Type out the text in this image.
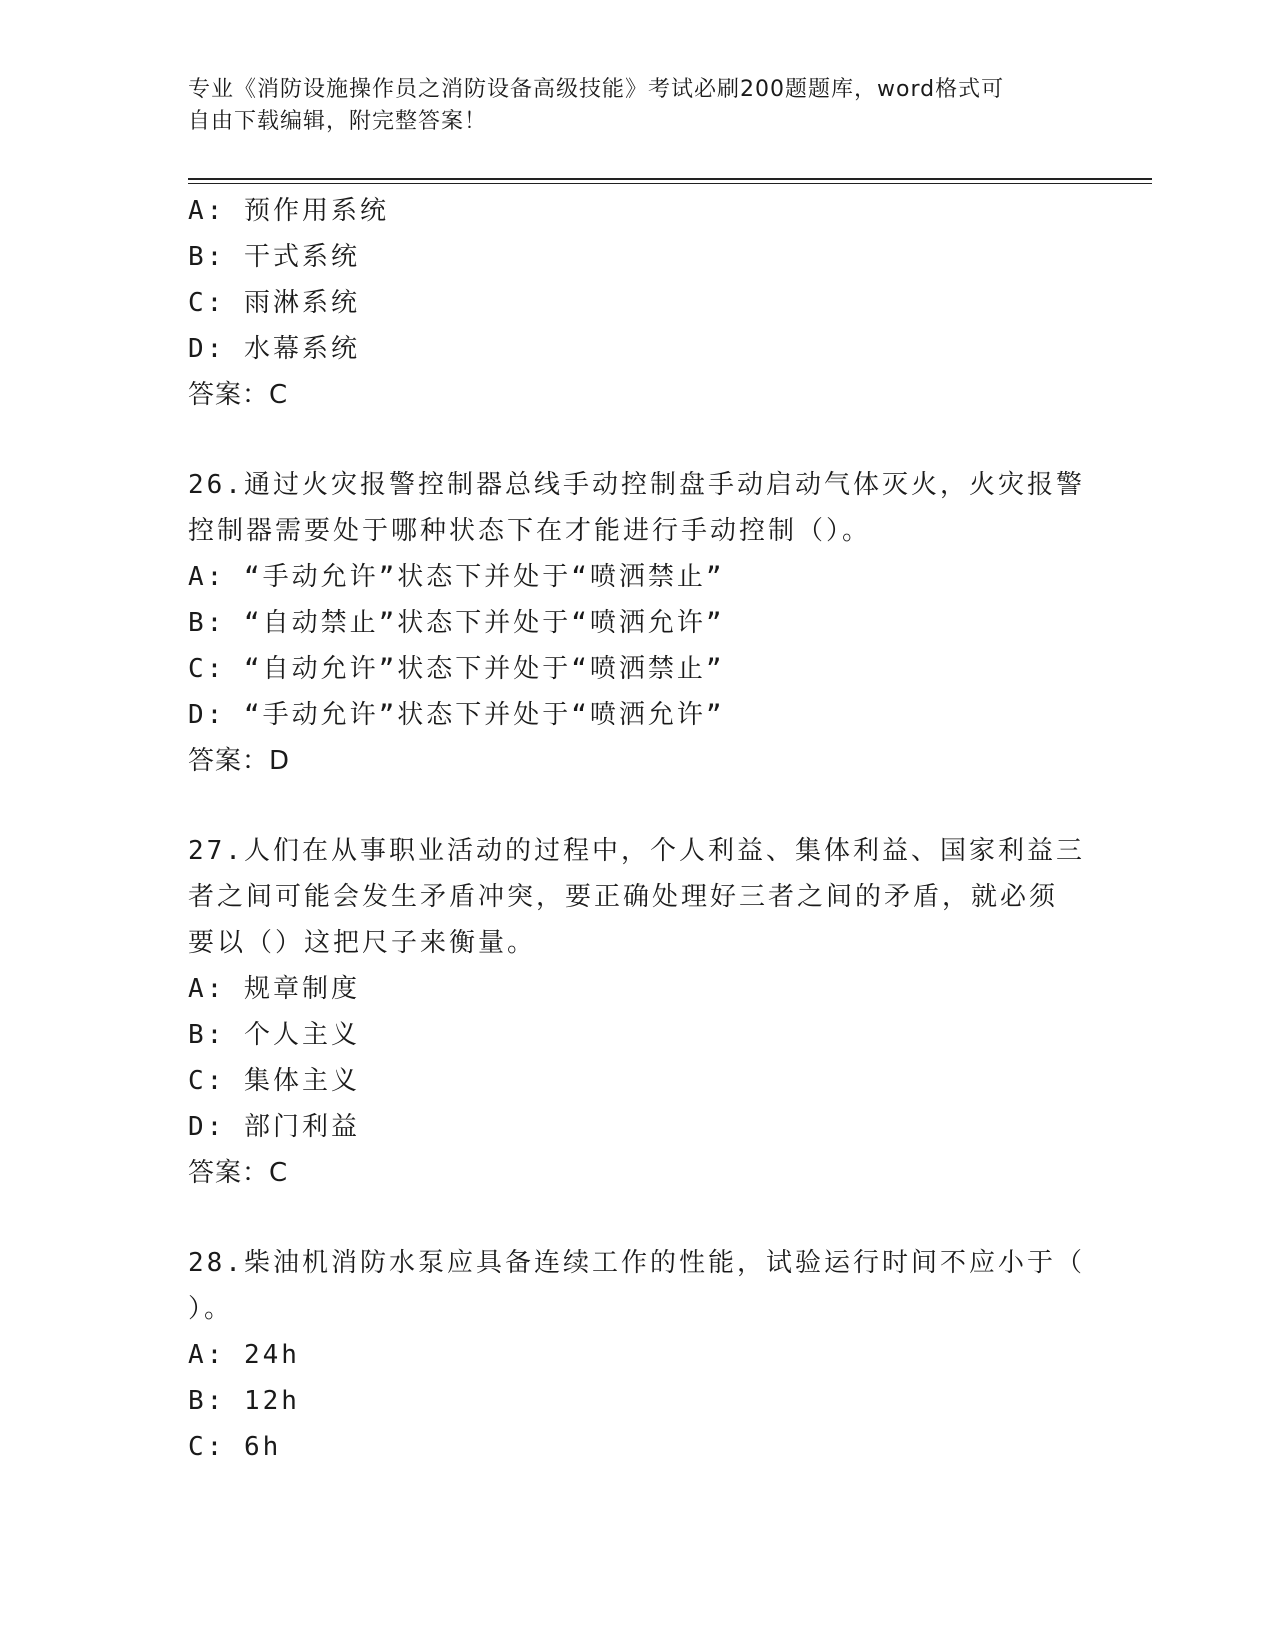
专业《消防设施操作员之消防设备高级技能》考试必刷200题题库，word格式可
自由下载编辑，附完整答案！
A: 预作用系统
B: 干式系统
C: 雨淋系统
D: 水幕系统
答案：C
26.通过火灾报警控制器总线手动控制盘手动启动气体灭火，火灾报警
控制器需要处于哪种状态下在才能进行手动控制（）。
A: “手动允许”状态下并处于“喷洒禁止”
B: “自动禁止”状态下并处于“喷洒允许”
C: “自动允许”状态下并处于“喷洒禁止”
D: “手动允许”状态下并处于“喷洒允许”
答案：D
27.人们在从事职业活动的过程中，个人利益、集体利益、国家利益三
者之间可能会发生矛盾冲突，要正确处理好三者之间的矛盾，就必须
要以（）这把尺子来衡量。
A: 规章制度
B: 个人主义
C: 集体主义
D: 部门利益
答案：C
28.柴油机消防水泵应具备连续工作的性能，试验运行时间不应小于（
）。
A: 24h
B: 12h
C: 6h
